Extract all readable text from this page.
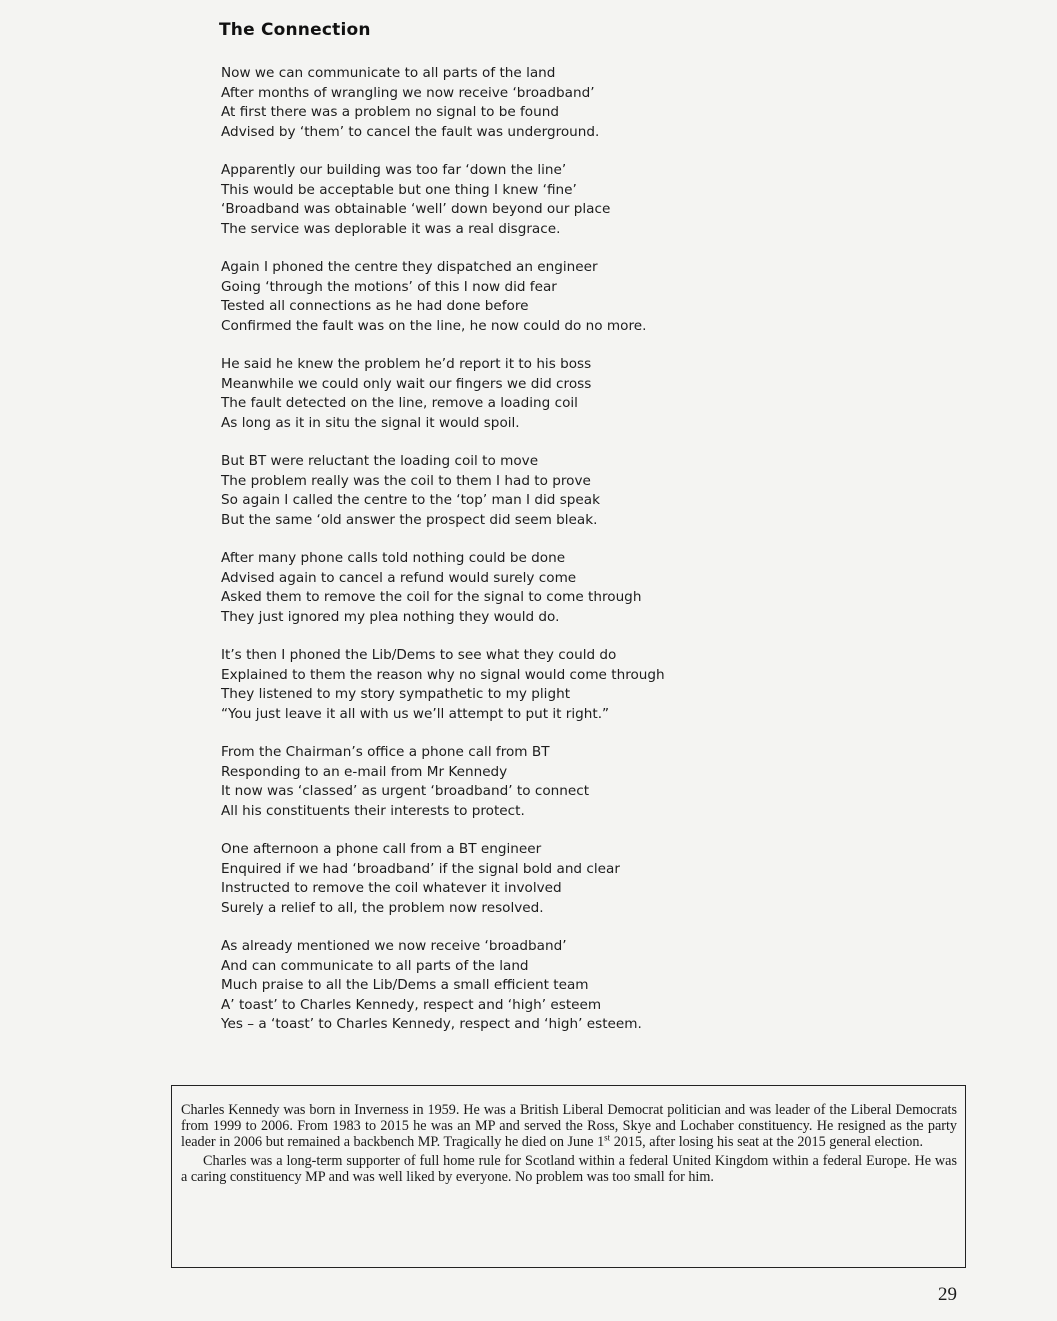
The Connection
Now we can communicate to all parts of the land
After months of wrangling we now receive ‘broadband’
At first there was a problem no signal to be found
Advised by ‘them’ to cancel the fault was underground.
Apparently our building was too far ‘down the line’
This would be acceptable but one thing I knew ‘fine’
‘Broadband was obtainable ‘well’ down beyond our place
The service was deplorable it was a real disgrace.
Again I phoned the centre they dispatched an engineer
Going ‘through the motions’ of this I now did fear
Tested all connections as he had done before
Confirmed the fault was on the line, he now could do no more.
He said he knew the problem he’d report it to his boss
Meanwhile we could only wait our fingers we did cross
The fault detected on the line, remove a loading coil
As long as it in situ the signal it would spoil.
But BT were reluctant the loading coil to move
The problem really was the coil to them I had to prove
So again I called the centre to the ‘top’ man I did speak
But the same ‘old answer the prospect did seem bleak.
After many phone calls told nothing could be done
Advised again to cancel a refund would surely come
Asked them to remove the coil for the signal to come through
They just ignored my plea nothing they would do.
It’s then I phoned the Lib/Dems to see what they could do
Explained to them the reason why no signal would come through
They listened to my story sympathetic to my plight
“You just leave it all with us we’ll attempt to put it right.”
From the Chairman’s office a phone call from BT
Responding to an e-mail from Mr Kennedy
It now was ‘classed’ as urgent ‘broadband’ to connect
All his constituents their interests to protect.
One afternoon a phone call from a BT engineer
Enquired if we had ‘broadband’ if the signal bold and clear
Instructed to remove the coil whatever it involved
Surely a relief to all, the problem now resolved.
As already mentioned we now receive ‘broadband’
And can communicate to all parts of the land
Much praise to all the Lib/Dems a small efficient team
A’ toast’ to Charles Kennedy, respect and ‘high’ esteem
Yes – a ‘toast’ to Charles Kennedy, respect and ‘high’ esteem.

Charles Kennedy was born in Inverness in 1959. He was a British Liberal Democrat politician and was leader of the Liberal Democrats from 1999 to 2006. From 1983 to 2015 he was an MP and served the Ross, Skye and Lochaber constituency. He resigned as the party leader in 2006 but remained a backbench MP. Tragically he died on June 1st 2015, after losing his seat at the 2015 general election.

Charles was a long-term supporter of full home rule for Scotland within a federal United Kingdom within a federal Europe. He was a caring constituency MP and was well liked by everyone. No problem was too small for him.

29
